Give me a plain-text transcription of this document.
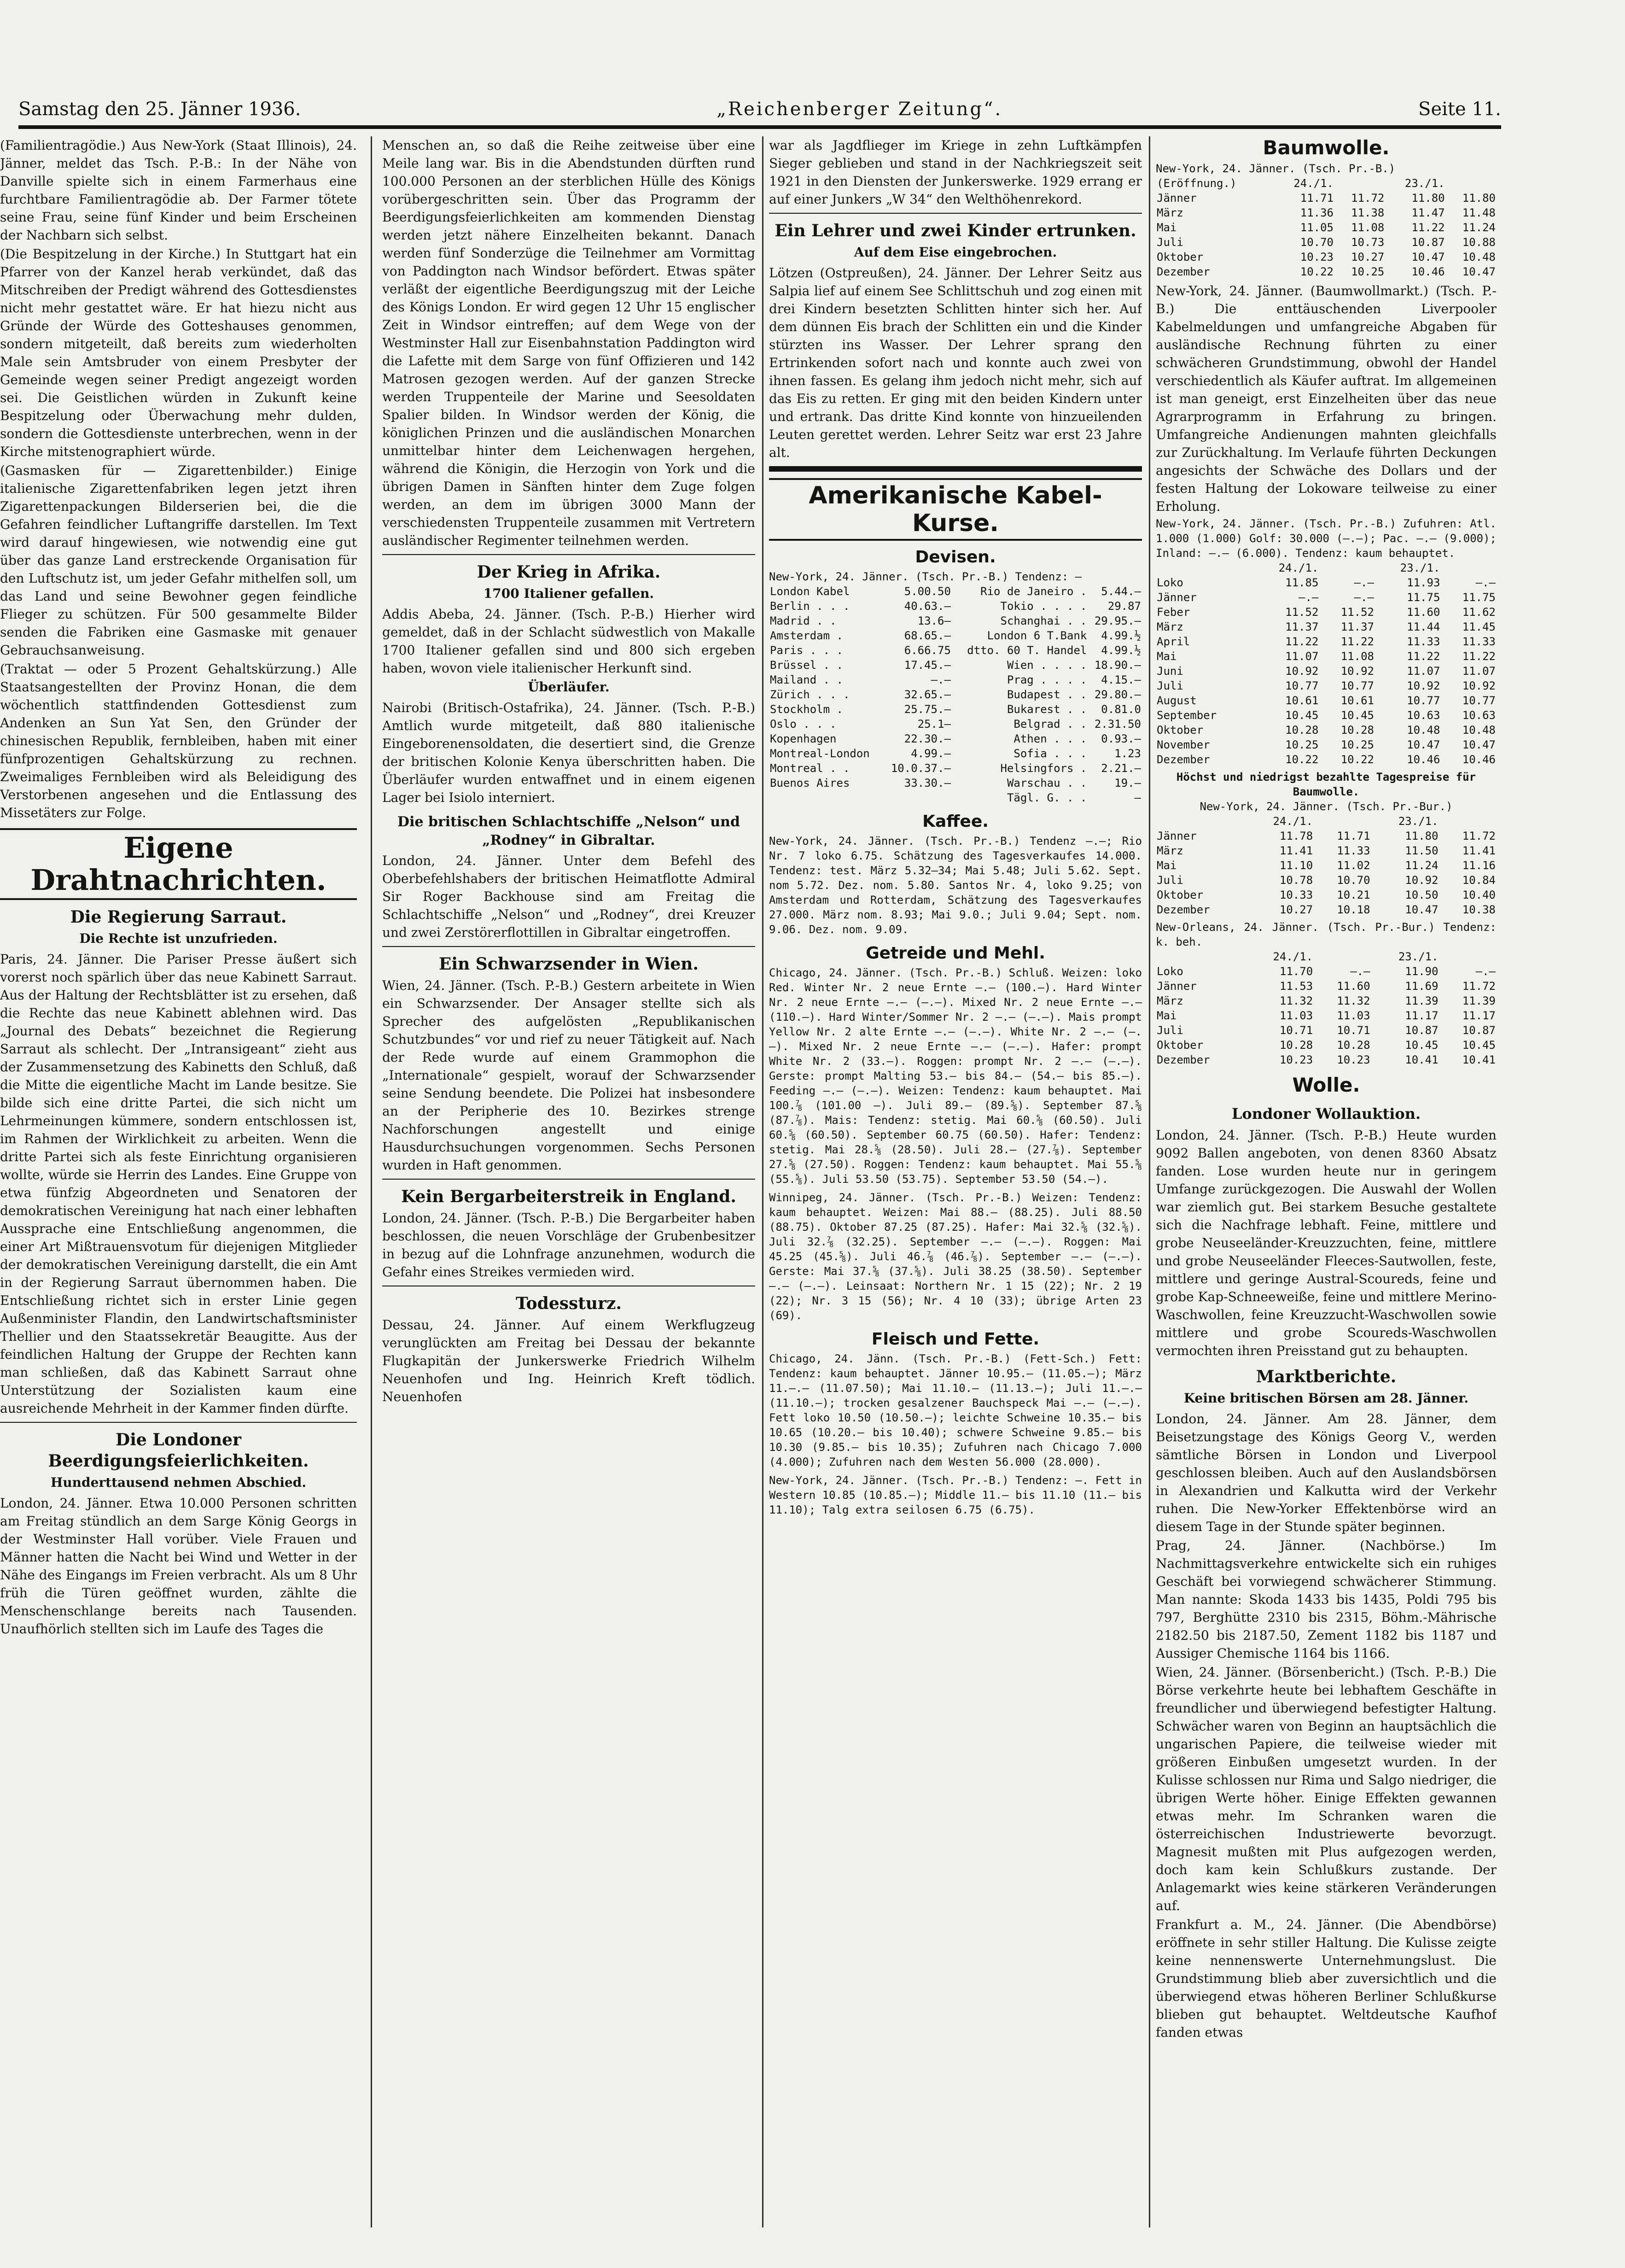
Samstag den 25. Jänner 1936.	„Reichenberger Zeitung“.	Seite 11.

(Familientragödie.) Aus New-York (Staat Illinois), 24. Jänner, meldet das Tsch. P.-B.: In der Nähe von Danville spielte sich in einem Farmerhaus eine furchtbare Familientragödie ab. Der Farmer tötete seine Frau, seine fünf Kinder und beim Erscheinen der Nachbarn sich selbst.

(Die Bespitzelung in der Kirche.) In Stuttgart hat ein Pfarrer von der Kanzel herab verkündet, daß das Mitschreiben der Predigt während des Gottesdienstes nicht mehr gestattet wäre. Er hat hiezu nicht aus Gründe der Würde des Gotteshauses genommen, sondern mitgeteilt, daß bereits zum wiederholten Male sein Amtsbruder von einem Presbyter der Gemeinde wegen seiner Predigt angezeigt worden sei. Die Geistlichen würden in Zukunft keine Bespitzelung oder Überwachung mehr dulden, sondern die Gottesdienste unterbrechen, wenn in der Kirche mitstenographiert würde.

(Gasmasken für — Zigarettenbilder.) Einige italienische Zigarettenfabriken legen jetzt ihren Zigarettenpackungen Bilderserien bei, die die Gefahren feindlicher Luftangriffe darstellen. Im Text wird darauf hingewiesen, wie notwendig eine gut über das ganze Land erstreckende Organisation für den Luftschutz ist, um jeder Gefahr mithelfen soll, um das Land und seine Bewohner gegen feindliche Flieger zu schützen. Für 500 gesammelte Bilder senden die Fabriken eine Gasmaske mit genauer Gebrauchsanweisung.

(Traktat — oder 5 Prozent Gehaltskürzung.) Alle Staatsangestellten der Provinz Honan, die dem wöchentlich stattfindenden Gottesdienst zum Andenken an Sun Yat Sen, den Gründer der chinesischen Republik, fernbleiben, haben mit einer fünfprozentigen Gehaltskürzung zu rechnen. Zweimaliges Fernbleiben wird als Beleidigung des Verstorbenen angesehen und die Entlassung des Missetäters zur Folge.

Eigene Drahtnachrichten.
Die Regierung Sarraut.
Die Rechte ist unzufrieden.

Paris, 24. Jänner. Die Pariser Presse äußert sich vorerst noch spärlich über das neue Kabinett Sarraut. Aus der Haltung der Rechtsblätter ist zu ersehen, daß die Rechte das neue Kabinett ablehnen wird. Das „Journal des Debats“ bezeichnet die Regierung Sarraut als schlecht. Der „Intransigeant“ zieht aus der Zusammensetzung des Kabinetts den Schluß, daß die Mitte die eigentliche Macht im Lande besitze. Sie bilde sich eine dritte Partei, die sich nicht um Lehrmeinungen kümmere, sondern entschlossen ist, im Rahmen der Wirklichkeit zu arbeiten. Wenn die dritte Partei sich als feste Einrichtung organisieren wollte, würde sie Herrin des Landes. Eine Gruppe von etwa fünfzig Abgeordneten und Senatoren der demokratischen Vereinigung hat nach einer lebhaften Aussprache eine Entschließung angenommen, die einer Art Mißtrauensvotum für diejenigen Mitglieder der demokratischen Vereinigung darstellt, die ein Amt in der Regierung Sarraut übernommen haben. Die Entschließung richtet sich in erster Linie gegen Außenminister Flandin, den Landwirtschaftsminister Thellier und den Staatssekretär Beaugitte. Aus der feindlichen Haltung der Gruppe der Rechten kann man schließen, daß das Kabinett Sarraut ohne Unterstützung der Sozialisten kaum eine ausreichende Mehrheit in der Kammer finden dürfte.

Die Londoner Beerdigungsfeierlichkeiten.
Hunderttausend nehmen Abschied.

London, 24. Jänner. Etwa 10.000 Personen schritten am Freitag stündlich an dem Sarge König Georgs in der Westminster Hall vorüber. Viele Frauen und Männer hatten die Nacht bei Wind und Wetter in der Nähe des Eingangs im Freien verbracht. Als um 8 Uhr früh die Türen geöffnet wurden, zählte die Menschenschlange bereits nach Tausenden. Unaufhörlich stellten sich im Laufe des Tages die

Menschen an, so daß die Reihe zeitweise über eine Meile lang war. Bis in die Abendstunden dürften rund 100.000 Personen an der sterblichen Hülle des Königs vorübergeschritten sein. Über das Programm der Beerdigungsfeierlichkeiten am kommenden Dienstag werden jetzt nähere Einzelheiten bekannt. Danach werden fünf Sonderzüge die Teilnehmer am Vormittag von Paddington nach Windsor befördert. Etwas später verläßt der eigentliche Beerdigungszug mit der Leiche des Königs London. Er wird gegen 12 Uhr 15 englischer Zeit in Windsor eintreffen; auf dem Wege von der Westminster Hall zur Eisenbahnstation Paddington wird die Lafette mit dem Sarge von fünf Offizieren und 142 Matrosen gezogen werden. Auf der ganzen Strecke werden Truppenteile der Marine und Seesoldaten Spalier bilden. In Windsor werden der König, die königlichen Prinzen und die ausländischen Monarchen unmittelbar hinter dem Leichenwagen hergehen, während die Königin, die Herzogin von York und die übrigen Damen in Sänften hinter dem Zuge folgen werden, an dem im übrigen 3000 Mann der verschiedensten Truppenteile zusammen mit Vertretern ausländischer Regimenter teilnehmen werden.

Der Krieg in Afrika.
1700 Italiener gefallen.

Addis Abeba, 24. Jänner. (Tsch. P.-B.) Hierher wird gemeldet, daß in der Schlacht südwestlich von Makalle 1700 Italiener gefallen sind und 800 sich ergeben haben, wovon viele italienischer Herkunft sind.

Überläufer.

Nairobi (Britisch-Ostafrika), 24. Jänner. (Tsch. P.-B.) Amtlich wurde mitgeteilt, daß 880 italienische Eingeborenensoldaten, die desertiert sind, die Grenze der britischen Kolonie Kenya überschritten haben. Die Überläufer wurden entwaffnet und in einem eigenen Lager bei Isiolo interniert.

Die britischen Schlachtschiffe „Nelson“ und „Rodney“ in Gibraltar.

London, 24. Jänner. Unter dem Befehl des Oberbefehlshabers der britischen Heimatflotte Admiral Sir Roger Backhouse sind am Freitag die Schlachtschiffe „Nelson“ und „Rodney“, drei Kreuzer und zwei Zerstörerflottillen in Gibraltar eingetroffen.

Ein Schwarzsender in Wien.

Wien, 24. Jänner. (Tsch. P.-B.) Gestern arbeitete in Wien ein Schwarzsender. Der Ansager stellte sich als Sprecher des aufgelösten „Republikanischen Schutzbundes“ vor und rief zu neuer Tätigkeit auf. Nach der Rede wurde auf einem Grammophon die „Internationale“ gespielt, worauf der Schwarzsender seine Sendung beendete. Die Polizei hat insbesondere an der Peripherie des 10. Bezirkes strenge Nachforschungen angestellt und einige Hausdurchsuchungen vorgenommen. Sechs Personen wurden in Haft genommen.

Kein Bergarbeiterstreik in England.

London, 24. Jänner. (Tsch. P.-B.) Die Bergarbeiter haben beschlossen, die neuen Vorschläge der Grubenbesitzer in bezug auf die Lohnfrage anzunehmen, wodurch die Gefahr eines Streikes vermieden wird.

Todessturz.

Dessau, 24. Jänner. Auf einem Werkflugzeug verunglückten am Freitag bei Dessau der bekannte Flugkapitän der Junkerswerke Friedrich Wilhelm Neuenhofen und Ing. Heinrich Kreft tödlich. Neuenhofen

war als Jagdflieger im Kriege in zehn Luftkämpfen Sieger geblieben und stand in der Nachkriegszeit seit 1921 in den Diensten der Junkerswerke. 1929 errang er auf einer Junkers „W 34“ den Welthöhenrekord.

Ein Lehrer und zwei Kinder ertrunken.
Auf dem Eise eingebrochen.

Lötzen (Ostpreußen), 24. Jänner. Der Lehrer Seitz aus Salpia lief auf einem See Schlittschuh und zog einen mit drei Kindern besetzten Schlitten hinter sich her. Auf dem dünnen Eis brach der Schlitten ein und die Kinder stürzten ins Wasser. Der Lehrer sprang den Ertrinkenden sofort nach und konnte auch zwei von ihnen fassen. Es gelang ihm jedoch nicht mehr, sich auf das Eis zu retten. Er ging mit den beiden Kindern unter und ertrank. Das dritte Kind konnte von hinzueilenden Leuten gerettet werden. Lehrer Seitz war erst 23 Jahre alt.

Amerikanische Kabel-Kurse.
Devisen.
New-York, 24. Jänner. (Tsch. Pr.-B.) Tendenz: —
London Kabel	5.00.50	Rio de Janeiro .	5.44.—
Berlin . . .	40.63.—	Tokio . . . .	29.87
Madrid . .	13.6—	Schanghai . .	29.95.—
Amsterdam .	68.65.—	London 6 T.Bank	4.99.½
Paris . . .	6.66.75	dtto. 60 T. Handel	4.99.½
Brüssel . .	17.45.—	Wien . . . .	18.90.—
Mailand . .	—.—	Prag . . . .	4.15.—
Zürich . . .	32.65.—	Budapest . .	29.80.—
Stockholm .	25.75.—	Bukarest . .	0.81.0
Oslo . . .	25.1—	Belgrad . .	2.31.50
Kopenhagen	22.30.—	Athen . . .	0.93.—
Montreal-London	4.99.—	Sofia . . .	1.23
Montreal . .	10.0.37.—	Helsingfors .	2.21.—
Buenos Aires	33.30.—	Warschau . .	19.—
		Tägl. G. . .	—
Kaffee.
New-York, 24. Jänner. (Tsch. Pr.-B.) Tendenz —.—; Rio Nr. 7 loko 6.75. Schätzung des Tagesverkaufes 14.000. Tendenz: test. März 5.32—34; Mai 5.48; Juli 5.62. Sept. nom 5.72. Dez. nom. 5.80. Santos Nr. 4, loko 9.25; von Amsterdam und Rotterdam, Schätzung des Tagesverkaufes 27.000. März nom. 8.93; Mai 9.0.; Juli 9.04; Sept. nom. 9.06. Dez. nom. 9.09.
Getreide und Mehl.
Chicago, 24. Jänner. (Tsch. Pr.-B.) Schluß. Weizen: loko Red. Winter Nr. 2 neue Ernte —.— (100.—). Hard Winter Nr. 2 neue Ernte —.— (—.—). Mixed Nr. 2 neue Ernte —.— (110.—). Hard Winter/Sommer Nr. 2 —.— (—.—). Mais prompt Yellow Nr. 2 alte Ernte —.— (—.—). White Nr. 2 —.— (—.—). Mixed Nr. 2 neue Ernte —.— (—.—). Hafer: prompt White Nr. 2 (33.—). Roggen: prompt Nr. 2 —.— (—.—). Gerste: prompt Malting 53.— bis 84.— (54.— bis 85.—). Feeding —.— (—.—). Weizen: Tendenz: kaum behauptet. Mai 100.⅞ (101.00 —). Juli 89.— (89.⅝). September 87.⅝ (87.⅞). Mais: Tendenz: stetig. Mai 60.⅝ (60.50). Juli 60.⅝ (60.50). September 60.75 (60.50). Hafer: Tendenz: stetig. Mai 28.⅝ (28.50). Juli 28.— (27.⅞). September 27.⅝ (27.50). Roggen: Tendenz: kaum behauptet. Mai 55.⅝ (55.⅝). Juli 53.50 (53.75). September 53.50 (54.—).
Winnipeg, 24. Jänner. (Tsch. Pr.-B.) Weizen: Tendenz: kaum behauptet. Weizen: Mai 88.— (88.25). Juli 88.50 (88.75). Oktober 87.25 (87.25). Hafer: Mai 32.⅝ (32.⅝). Juli 32.⅞ (32.25). September —.— (—.—). Roggen: Mai 45.25 (45.⅝). Juli 46.⅞ (46.⅞). September —.— (—.—). Gerste: Mai 37.⅝ (37.⅝). Juli 38.25 (38.50). September —.— (—.—). Leinsaat: Northern Nr. 1 15 (22); Nr. 2 19 (22); Nr. 3 15 (56); Nr. 4 10 (33); übrige Arten 23 (69).
Fleisch und Fette.
Chicago, 24. Jänn. (Tsch. Pr.-B.) (Fett-Sch.) Fett: Tendenz: kaum behauptet. Jänner 10.95.— (11.05.—); März 11.—.— (11.07.50); Mai 11.10.— (11.13.—); Juli 11.—.— (11.10.—); trocken gesalzener Bauchspeck Mai —.— (—.—). Fett loko 10.50 (10.50.—); leichte Schweine 10.35.— bis 10.65 (10.20.— bis 10.40); schwere Schweine 9.85.— bis 10.30 (9.85.— bis 10.35); Zufuhren nach Chicago 7.000 (4.000); Zufuhren nach dem Westen 56.000 (28.000).
New-York, 24. Jänner. (Tsch. Pr.-B.) Tendenz: —. Fett in Western 10.85 (10.85.—); Middle 11.— bis 11.10 (11.— bis 11.10); Talg extra seilosen 6.75 (6.75).
Baumwolle.
New-York, 24. Jänner. (Tsch. Pr.-B.)
(Eröffnung.)	24./1.		23./1.	
Jänner	11.71	11.72	11.80	11.80
März	11.36	11.38	11.47	11.48
Mai	11.05	11.08	11.22	11.24
Juli	10.70	10.73	10.87	10.88
Oktober	10.23	10.27	10.47	10.48
Dezember	10.22	10.25	10.46	10.47

New-York, 24. Jänner. (Baumwollmarkt.) (Tsch. P.-B.) Die enttäuschenden Liverpooler Kabelmeldungen und umfangreiche Abgaben für ausländische Rechnung führten zu einer schwächeren Grundstimmung, obwohl der Handel verschiedentlich als Käufer auftrat. Im allgemeinen ist man geneigt, erst Einzelheiten über das neue Agrarprogramm in Erfahrung zu bringen. Umfangreiche Andienungen mahnten gleichfalls zur Zurückhaltung. Im Verlaufe führten Deckungen angesichts der Schwäche des Dollars und der festen Haltung der Lokoware teilweise zu einer Erholung.

New-York, 24. Jänner. (Tsch. Pr.-B.) Zufuhren: Atl. 1.000 (1.000) Golf: 30.000 (—.—); Pac. —.— (9.000); Inland: —.— (6.000). Tendenz: kaum behauptet.
	24./1.		23./1.	
Loko	11.85	—.—	11.93	—.—
Jänner	—.—	—.—	11.75	11.75
Feber	11.52	11.52	11.60	11.62
März	11.37	11.37	11.44	11.45
April	11.22	11.22	11.33	11.33
Mai	11.07	11.08	11.22	11.22
Juni	10.92	10.92	11.07	11.07
Juli	10.77	10.77	10.92	10.92
August	10.61	10.61	10.77	10.77
September	10.45	10.45	10.63	10.63
Oktober	10.28	10.28	10.48	10.48
November	10.25	10.25	10.47	10.47
Dezember	10.22	10.22	10.46	10.46
Höchst und niedrigst bezahlte Tagespreise für Baumwolle.
New-York, 24. Jänner. (Tsch. Pr.-Bur.)
	24./1.		23./1.	
Jänner	11.78	11.71	11.80	11.72
März	11.41	11.33	11.50	11.41
Mai	11.10	11.02	11.24	11.16
Juli	10.78	10.70	10.92	10.84
Oktober	10.33	10.21	10.50	10.40
Dezember	10.27	10.18	10.47	10.38
New-Orleans, 24. Jänner. (Tsch. Pr.-Bur.) Tendenz: k. beh.
	24./1.		23./1.	
Loko	11.70	—.—	11.90	—.—
Jänner	11.53	11.60	11.69	11.72
März	11.32	11.32	11.39	11.39
Mai	11.03	11.03	11.17	11.17
Juli	10.71	10.71	10.87	10.87
Oktober	10.28	10.28	10.45	10.45
Dezember	10.23	10.23	10.41	10.41
Wolle.
Londoner Wollauktion.

London, 24. Jänner. (Tsch. P.-B.) Heute wurden 9092 Ballen angeboten, von denen 8360 Absatz fanden. Lose wurden heute nur in geringem Umfange zurückgezogen. Die Auswahl der Wollen war ziemlich gut. Bei starkem Besuche gestaltete sich die Nachfrage lebhaft. Feine, mittlere und grobe Neuseeländer-Kreuzzuchten, feine, mittlere und grobe Neuseeländer Fleeces-Sautwollen, feste, mittlere und geringe Austral-Scoureds, feine und grobe Kap-Schneeweiße, feine und mittlere Merino-Waschwollen, feine Kreuzzucht-Waschwollen sowie mittlere und grobe Scoureds-Waschwollen vermochten ihren Preisstand gut zu behaupten.

Marktberichte.
Keine britischen Börsen am 28. Jänner.

London, 24. Jänner. Am 28. Jänner, dem Beisetzungstage des Königs Georg V., werden sämtliche Börsen in London und Liverpool geschlossen bleiben. Auch auf den Auslandsbörsen in Alexandrien und Kalkutta wird der Verkehr ruhen. Die New-Yorker Effektenbörse wird an diesem Tage in der Stunde später beginnen.

Prag, 24. Jänner. (Nachbörse.) Im Nachmittagsverkehre entwickelte sich ein ruhiges Geschäft bei vorwiegend schwächerer Stimmung. Man nannte: Skoda 1433 bis 1435, Poldi 795 bis 797, Berghütte 2310 bis 2315, Böhm.-Mährische 2182.50 bis 2187.50, Zement 1182 bis 1187 und Aussiger Chemische 1164 bis 1166.

Wien, 24. Jänner. (Börsenbericht.) (Tsch. P.-B.) Die Börse verkehrte heute bei lebhaftem Geschäfte in freundlicher und überwiegend befestigter Haltung. Schwächer waren von Beginn an hauptsächlich die ungarischen Papiere, die teilweise wieder mit größeren Einbußen umgesetzt wurden. In der Kulisse schlossen nur Rima und Salgo niedriger, die übrigen Werte höher. Einige Effekten gewannen etwas mehr. Im Schranken waren die österreichischen Industriewerte bevorzugt. Magnesit mußten mit Plus aufgezogen werden, doch kam kein Schlußkurs zustande. Der Anlagemarkt wies keine stärkeren Veränderungen auf.

Frankfurt a. M., 24. Jänner. (Die Abendbörse) eröffnete in sehr stiller Haltung. Die Kulisse zeigte keine nennenswerte Unternehmungslust. Die Grundstimmung blieb aber zuversichtlich und die überwiegend etwas höheren Berliner Schlußkurse blieben gut behauptet. Weltdeutsche Kaufhof fanden etwas
